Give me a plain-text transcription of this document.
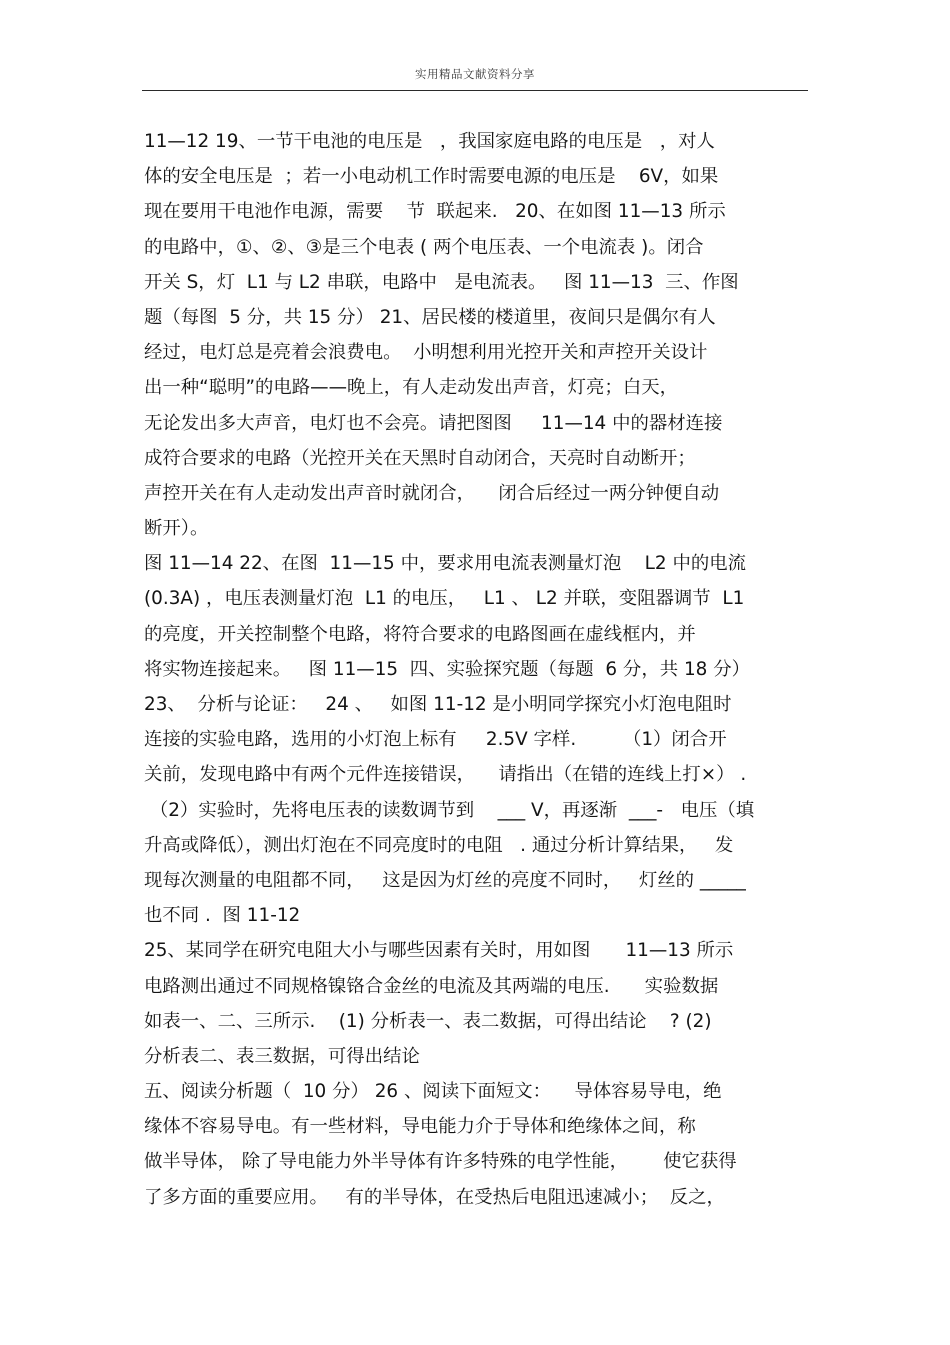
实用精品文献资料分享
11—12 19、一节干电池的电压是   ，我国家庭电路的电压是   ，对人
体的安全电压是  ；若一小电动机工作时需要电源的电压是    6V，如果
现在要用干电池作电源，需要    节  联起来.   20、在如图 11—13 所示
的电路中，①、②、③是三个电表 ( 两个电压表、一个电流表 )。闭合
开关 S，灯  L1 与 L2 串联，电路中   是电流表。   图 11—13  三、作图
题（每图  5 分，共 15 分） 21、居民楼的楼道里，夜间只是偶尔有人
经过，电灯总是亮着会浪费电。  小明想利用光控开关和声控开关设计
出一种“聪明”的电路——晚上，有人走动发出声音，灯亮；白天，
无论发出多大声音，电灯也不会亮。请把图图     11—14 中的器材连接
成符合要求的电路（光控开关在天黑时自动闭合，天亮时自动断开；
声控开关在有人走动发出声音时就闭合，    闭合后经过一两分钟便自动
断开）。
图 11—14 22、在图  11—15 中，要求用电流表测量灯泡    L2 中的电流
(0.3A) ，电压表测量灯泡  L1 的电压，   L1 、 L2 并联，变阻器调节  L1
的亮度，开关控制整个电路，将符合要求的电路图画在虚线框内，并
将实物连接起来。   图 11—15  四、实验探究题（每题  6 分，共 18 分）
23、  分析与论证：   24 、   如图 11-12 是小明同学探究小灯泡电阻时
连接的实验电路，选用的小灯泡上标有     2.5V 字样.        （1）闭合开
关前，发现电路中有两个元件连接错误，    请指出（在错的连线上打×） .
（2）实验时，先将电压表的读数调节到    ___ V，再逐渐  ___-   电压（填
升高或降低），测出灯泡在不同亮度时的电阻   . 通过分析计算结果，   发
现每次测量的电阻都不同，   这是因为灯丝的亮度不同时，   灯丝的 _____
也不同 .  图 11-12
25、某同学在研究电阻大小与哪些因素有关时，用如图      11—13 所示
电路测出通过不同规格镍铬合金丝的电流及其两端的电压.      实验数据
如表一、二、三所示.    (1) 分析表一、表二数据，可得出结论    ? (2)
分析表二、表三数据，可得出结论
五、阅读分析题（  10 分） 26 、阅读下面短文：    导体容易导电，绝
缘体不容易导电。有一些材料，导电能力介于导体和绝缘体之间，称
做半导体， 除了导电能力外半导体有许多特殊的电学性能，      使它获得
了多方面的重要应用。   有的半导体，在受热后电阻迅速减小；  反之，
